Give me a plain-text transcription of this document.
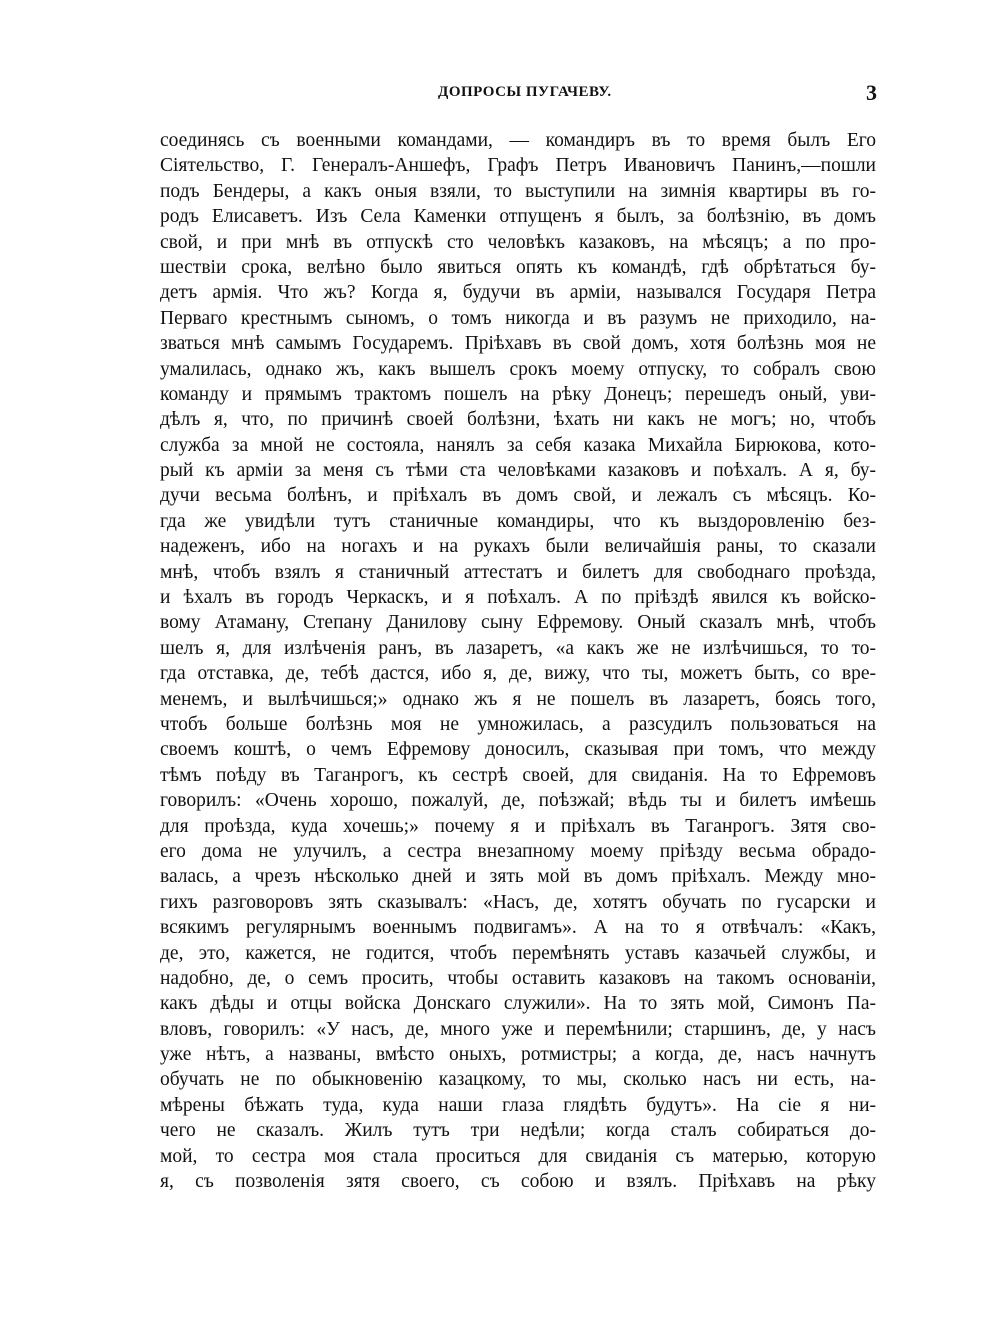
ДОПРОСЫ ПУГАЧЕВУ.	3
соединясь съ военными командами, — командиръ въ то время былъ Его
Сiятельство, Г. Генералъ-Аншефъ, Графъ Петръ Ивановичъ Панинъ,—пошли
подъ Бендеры, а какъ оныя взяли, то выступили на зимнія квартиры въ го-
родъ Елисаветъ. Изъ Села Каменки отпущенъ я былъ, за болѣзнію, въ домъ
свой, и при мнѣ въ отпускѣ сто человѣкъ казаковъ, на мѣсяцъ; а по про-
шествіи срока, велѣно было явиться опять къ командѣ, гдѣ обрѣтаться бу-
детъ армія. Что жъ? Когда я, будучи въ арміи, назывался Государя Петра
Перваго крестнымъ сыномъ, о томъ никогда и въ разумъ не приходило, на-
зваться мнѣ самымъ Государемъ. Пріѣхавъ въ свой домъ, хотя болѣзнь моя не
умалилась, однако жъ, какъ вышелъ срокъ моему отпуску, то собралъ свою
команду и прямымъ трактомъ пошелъ на рѣку Донецъ; перешедъ оный, уви-
дѣлъ я, что, по причинѣ своей болѣзни, ѣхать ни какъ не могъ; но, чтобъ
служба за мной не состояла, нанялъ за себя казака Михайла Бирюкова, кото-
рый къ арміи за меня съ тѣми ста человѣками казаковъ и поѣхалъ. А я, бу-
дучи весьма болѣнъ, и пріѣхалъ въ домъ свой, и лежалъ съ мѣсяцъ. Ко-
гда же увидѣли тутъ станичные командиры, что къ выздоровленію без-
надеженъ, ибо на ногахъ и на рукахъ были величайшія раны, то сказали
мнѣ, чтобъ взялъ я станичный аттестатъ и билетъ для свободнаго проѣзда,
и ѣхалъ въ городъ Черкаскъ, и я поѣхалъ. А по пріѣздѣ явился къ войско-
вому Атаману, Степану Данилову сыну Ефремову. Оный сказалъ мнѣ, чтобъ
шелъ я, для излѣченія ранъ, въ лазаретъ, «а какъ же не излѣчишься, то то-
гда отставка, де, тебѣ дастся, ибо я, де, вижу, что ты, можетъ быть, со вре-
менемъ, и вылѣчишься;» однако жъ я не пошелъ въ лазаретъ, боясь того,
чтобъ больше болѣзнь моя не умножилась, а разсудилъ пользоваться на
своемъ коштѣ, о чемъ Ефремову доносилъ, сказывая при томъ, что между
тѣмъ поѣду въ Таганрогъ, къ сестрѣ своей, для свиданія. На то Ефремовъ
говорилъ: «Очень хорошо, пожалуй, де, поѣзжай; вѣдь ты и билетъ имѣешь
для проѣзда, куда хочешь;» почему я и пріѣхалъ въ Таганрогъ. Зятя сво-
его дома не улучилъ, а сестра внезапному моему пріѣзду весьма обрадо-
валась, а чрезъ нѣсколько дней и зять мой въ домъ пріѣхалъ. Между мно-
гихъ разговоровъ зять сказывалъ: «Насъ, де, хотятъ обучать по гусарски и
всякимъ регулярнымъ военнымъ подвигамъ». А на то я отвѣчалъ: «Какъ,
де, это, кажется, не годится, чтобъ перемѣнять уставъ казачьей службы, и
надобно, де, о семъ просить, чтобы оставить казаковъ на такомъ основаніи,
какъ дѣды и отцы войска Донскаго служили». На то зять мой, Симонъ Па-
вловъ, говорилъ: «У насъ, де, много уже и перемѣнили; старшинъ, де, у насъ
уже нѣтъ, а названы, вмѣсто оныхъ, ротмистры; а когда, де, насъ начнутъ
обучать не по обыкновенію казацкому, то мы, сколько насъ ни есть, на-
мѣрены бѣжать туда, куда наши глаза глядѣть будутъ». На сіе я ни-
чего не сказалъ. Жилъ тутъ три недѣли; когда сталъ собираться до-
мой, то сестра моя стала проситься для свиданія съ матерью, которую
я, съ позволенія зятя своего, съ собою и взялъ. Пріѣхавъ на рѣку
